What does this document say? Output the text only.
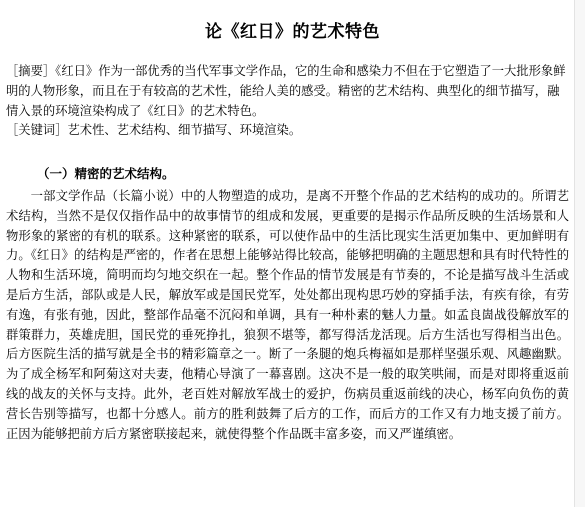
论《红日》的艺术特色

［摘要］《红日》作为一部优秀的当代军事文学作品，它的生命和感染力不但在于它塑造了一大批形象鲜明的人物形象，而且在于有较高的艺术性，能给人美的感受。精密的艺术结构、典型化的细节描写，融情入景的环境渲染构成了《红日》的艺术特色。

［关键词］艺术性、艺术结构、细节描写、环境渲染。

（一）精密的艺术结构。

一部文学作品（长篇小说）中的人物塑造的成功，是离不开整个作品的艺术结构的成功的。所谓艺术结构，当然不是仅仅指作品中的故事情节的组成和发展，更重要的是揭示作品所反映的生活场景和人物形象的紧密的有机的联系。这种紧密的联系，可以使作品中的生活比现实生活更加集中、更加鲜明有力。《红日》的结构是严密的，作者在思想上能够站得比较高，能够把明确的主题思想和具有时代特性的人物和生活环境，简明而均匀地交织在一起。整个作品的情节发展是有节奏的，不论是描写战斗生活或是后方生活，部队或是人民，解放军或是国民党军，处处都出现构思巧妙的穿插手法，有疾有徐，有劳有逸，有张有弛，因此，整部作品毫不沉闷和单调，具有一种朴素的魅人力量。如孟良崮战役解放军的群策群力，英雄虎胆，国民党的垂死挣扎，狼狈不堪等，都写得活龙活现。后方生活也写得相当出色。后方医院生活的描写就是全书的精彩篇章之一。断了一条腿的炮兵梅福如是那样坚强乐观、风趣幽默。为了成全杨军和阿菊这对夫妻，他精心导演了一幕喜剧。这决不是一般的取笑哄闹，而是对即将重返前线的战友的关怀与支持。此外，老百姓对解放军战士的爱护，伤病员重返前线的决心，杨军向负伤的黄营长告别等描写，也都十分感人。前方的胜利鼓舞了后方的工作，而后方的工作又有力地支援了前方。正因为能够把前方后方紧密联接起来，就使得整个作品既丰富多姿，而又严谨缜密。
